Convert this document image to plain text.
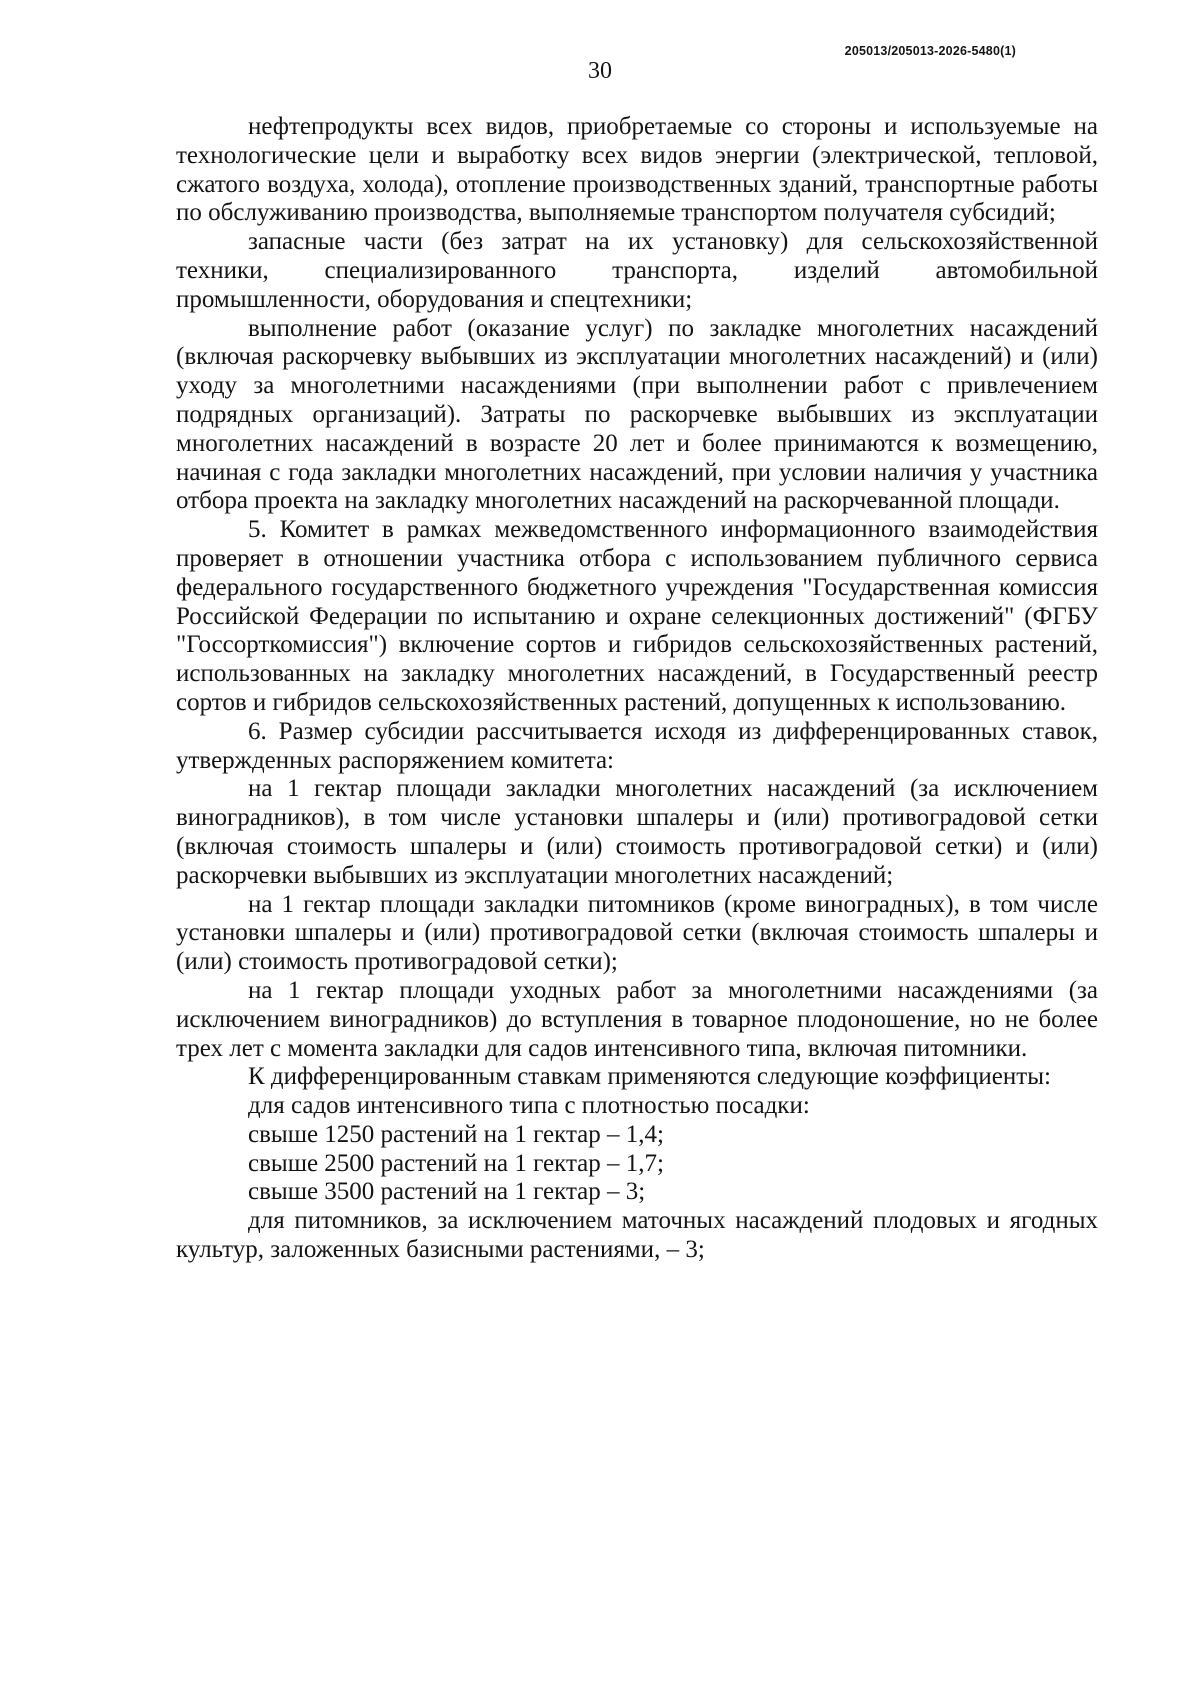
205013/205013-2026-5480(1)
30

нефтепродукты всех видов, приобретаемые со стороны и используемые на технологические цели и выработку всех видов энергии (электрической, тепловой, сжатого воздуха, холода), отопление производственных зданий, транспортные работы по обслуживанию производства, выполняемые транспортом получателя субсидий;

запасные части (без затрат на их установку) для сельскохозяйственной техники, специализированного транспорта, изделий автомобильной промышленности, оборудования и спецтехники;

выполнение работ (оказание услуг) по закладке многолетних насаждений (включая раскорчевку выбывших из эксплуатации многолетних насаждений) и (или) уходу за многолетними насаждениями (при выполнении работ с привлечением подрядных организаций). Затраты по раскорчевке выбывших из эксплуатации многолетних насаждений в возрасте 20 лет и более принимаются к возмещению, начиная с года закладки многолетних насаждений, при условии наличия у участника отбора проекта на закладку многолетних насаждений на раскорчеванной площади.

5. Комитет в рамках межведомственного информационного взаимодействия проверяет в отношении участника отбора с использованием публичного сервиса федерального государственного бюджетного учреждения "Государственная комиссия Российской Федерации по испытанию и охране селекционных достижений" (ФГБУ "Госсорткомиссия") включение сортов и гибридов сельскохозяйственных растений, использованных на закладку многолетних насаждений, в Государственный реестр сортов и гибридов сельскохозяйственных растений, допущенных к использованию.

6. Размер субсидии рассчитывается исходя из дифференцированных ставок, утвержденных распоряжением комитета:

на 1 гектар площади закладки многолетних насаждений (за исключением виноградников), в том числе установки шпалеры и (или) противоградовой сетки (включая стоимость шпалеры и (или) стоимость противоградовой сетки) и (или) раскорчевки выбывших из эксплуатации многолетних насаждений;

на 1 гектар площади закладки питомников (кроме виноградных), в том числе установки шпалеры и (или) противоградовой сетки (включая стоимость шпалеры и (или) стоимость противоградовой сетки);

на 1 гектар площади уходных работ за многолетними насаждениями (за исключением виноградников) до вступления в товарное плодоношение, но не более трех лет с момента закладки для садов интенсивного типа, включая питомники.

К дифференцированным ставкам применяются следующие коэффициенты:

для садов интенсивного типа с плотностью посадки:

свыше 1250 растений на 1 гектар – 1,4;

свыше 2500 растений на 1 гектар – 1,7;

свыше 3500 растений на 1 гектар – 3;

для питомников, за исключением маточных насаждений плодовых и ягодных культур, заложенных базисными растениями, – 3;
